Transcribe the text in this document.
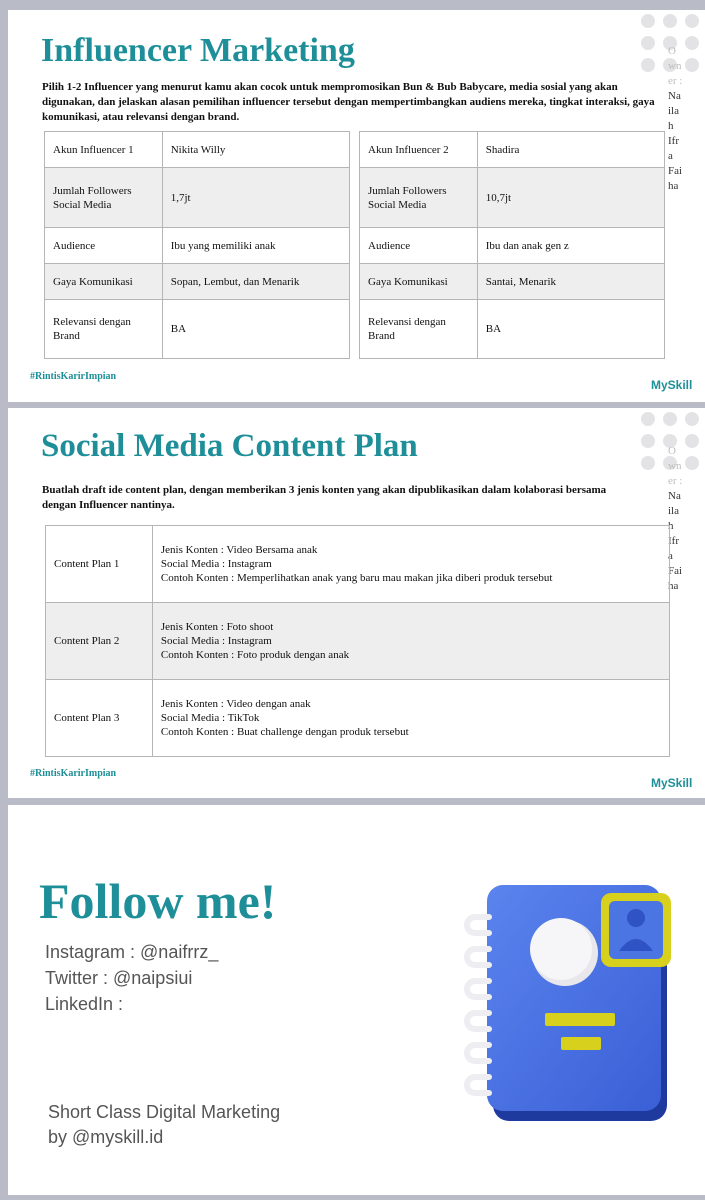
Influencer Marketing

Pilih 1-2 Influencer yang menurut kamu akan cocok untuk mempromosikan Bun & Bub Babycare, media sosial yang akan digunakan, dan jelaskan alasan pemilihan influencer tersebut dengan mempertimbangkan audiens mereka, tingkat interaksi, gaya komunikasi, atau relevansi dengan brand.

O
wn
er :
Na
ila
h
Ifr
a
Fai
ha
Akun Influencer 1	Nikita Willy
Jumlah Followers Social Media	1,7jt
Audience	Ibu yang memiliki anak
Gaya Komunikasi	Sopan, Lembut, dan Menarik
Relevansi dengan Brand	BA
Akun Influencer 2	Shadira
Jumlah Followers Social Media	10,7jt
Audience	Ibu dan anak gen z
Gaya Komunikasi	Santai, Menarik
Relevansi dengan Brand	BA
#RintisKarirImpian
MySkill
Social Media Content Plan

Buatlah draft ide content plan, dengan memberikan 3 jenis konten yang akan dipublikasikan dalam kolaborasi bersama dengan Influencer nantinya.

O
wn
er :
Na
ila
h
Ifr
a
Fai
ha
Content Plan 1	Jenis Konten : Video Bersama anak
Social Media : Instagram
Contoh Konten : Memperlihatkan anak yang baru mau makan jika diberi produk tersebut

Content Plan 2	Jenis Konten : Foto shoot
Social Media : Instagram
Contoh Konten : Foto produk dengan anak

Content Plan 3	Jenis Konten : Video dengan anak
Social Media : TikTok
Contoh Konten : Buat challenge dengan produk tersebut
#RintisKarirImpian
MySkill
Follow me!
Instagram : @naifrrz_
Twitter : @naipsiui
LinkedIn :
Short Class Digital Marketing
by @myskill.id
